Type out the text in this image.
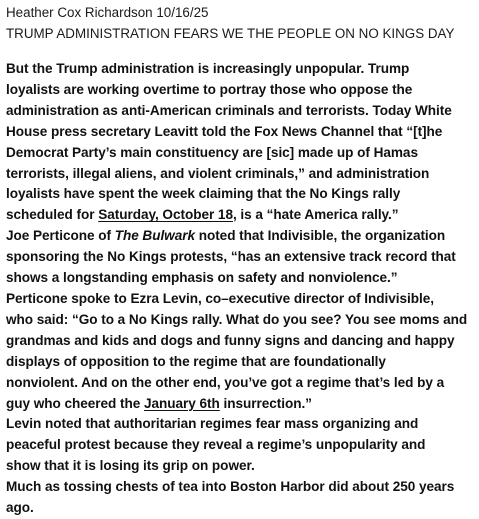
Heather Cox Richardson 10/16/25
TRUMP ADMINISTRATION FEARS WE THE PEOPLE ON NO KINGS DAY
But the Trump administration is increasingly unpopular. Trump
loyalists are working overtime to portray those who oppose the
administration as anti-American criminals and terrorists. Today White
House press secretary Leavitt told the Fox News Channel that “[t]he
Democrat Party’s main constituency are [sic] made up of Hamas
terrorists, illegal aliens, and violent criminals,” and administration
loyalists have spent the week claiming that the No Kings rally
scheduled for Saturday, October 18, is a “hate America rally.”
Joe Perticone of The Bulwark noted that Indivisible, the organization
sponsoring the No Kings protests, “has an extensive track record that
shows a longstanding emphasis on safety and nonviolence.”
Perticone spoke to Ezra Levin, co–executive director of Indivisible,
who said: “Go to a No Kings rally. What do you see? You see moms and
grandmas and kids and dogs and funny signs and dancing and happy
displays of opposition to the regime that are foundationally
nonviolent. And on the other end, you’ve got a regime that’s led by a
guy who cheered the January 6th insurrection.”
Levin noted that authoritarian regimes fear mass organizing and
peaceful protest because they reveal a regime’s unpopularity and
show that it is losing its grip on power.
Much as tossing chests of tea into Boston Harbor did about 250 years
ago.
